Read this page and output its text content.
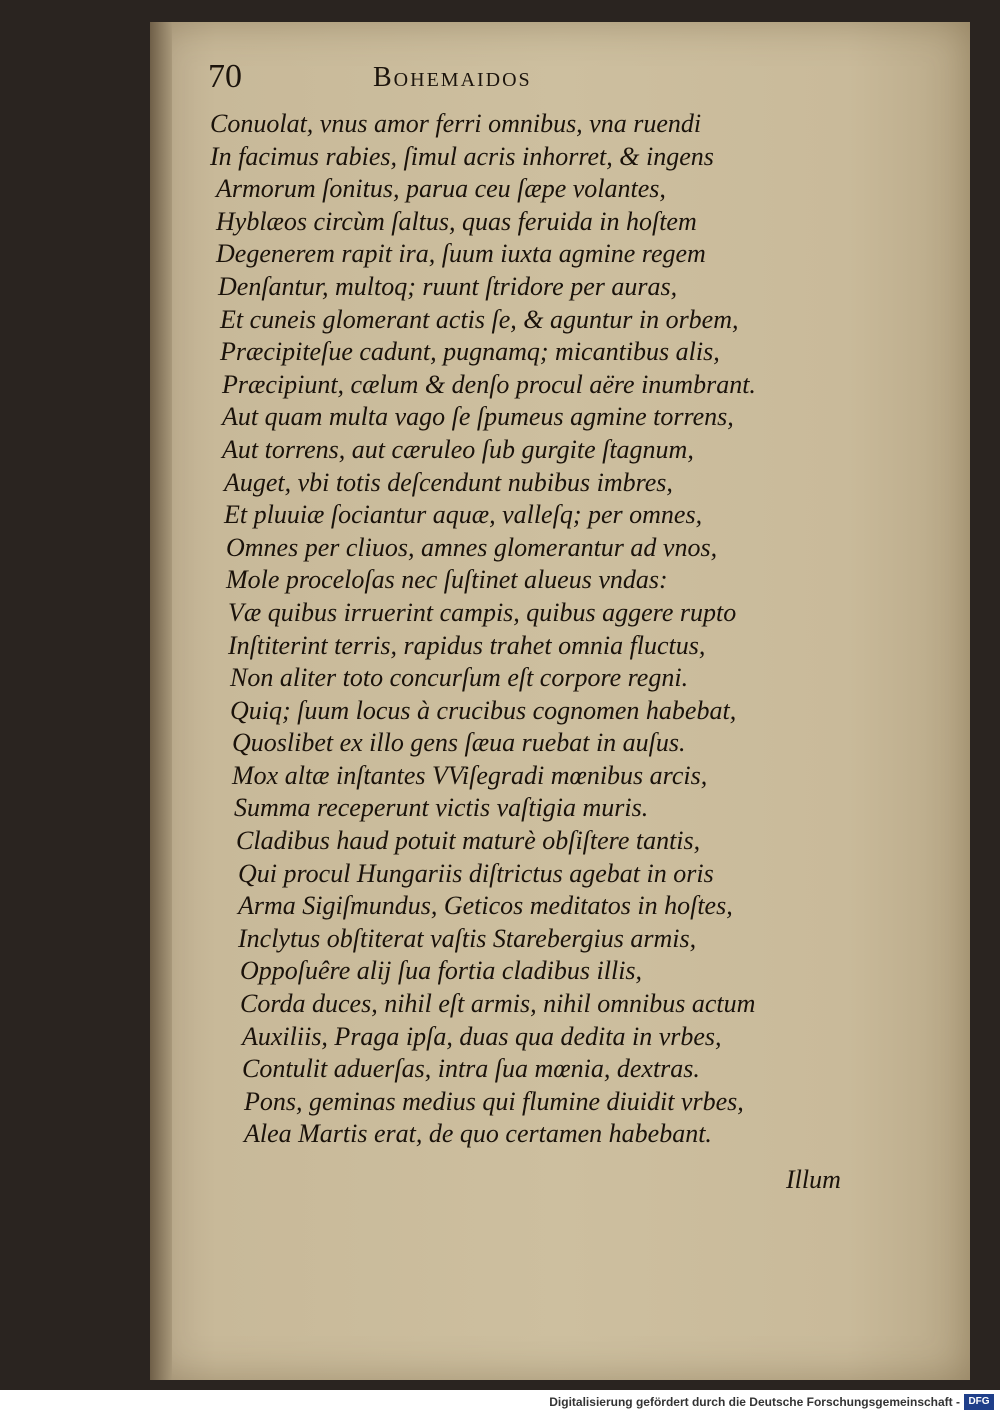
70	Bohemaidos
Conuolat, vnus amor ferri omnibus, vna ruendi
In facimus rabies, ſimul acris inhorret, & ingens
Armorum ſonitus, parua ceu ſæpe volantes,
Hyblæos circùm ſaltus, quas feruida in hoſtem
Degenerem rapit ira, ſuum iuxta agmine regem
Denſantur, multoq; ruunt ſtridore per auras,
Et cuneis glomerant actis ſe, & aguntur in orbem,
Præcipiteſue cadunt, pugnamq; micantibus alis,
Præcipiunt, cælum & denſo procul aëre inumbrant.
Aut quam multa vago ſe ſpumeus agmine torrens,
Aut torrens, aut cæruleo ſub gurgite ſtagnum,
Auget, vbi totis deſcendunt nubibus imbres,
Et pluuiæ ſociantur aquæ, valleſq; per omnes,
Omnes per cliuos, amnes glomerantur ad vnos,
Mole proceloſas nec ſuſtinet alueus vndas:
Væ quibus irruerint campis, quibus aggere rupto
Inſtiterint terris, rapidus trahet omnia fluctus,
Non aliter toto concurſum eſt corpore regni.
Quiq; ſuum locus à crucibus cognomen habebat,
Quoslibet ex illo gens ſæua ruebat in auſus.
Mox altæ inſtantes VViſegradi mœnibus arcis,
Summa receperunt victis vaſtigia muris.
Cladibus haud potuit maturè obſiſtere tantis,
Qui procul Hungariis diſtrictus agebat in oris
Arma Sigiſmundus, Geticos meditatos in hoſtes,
Inclytus obſtiterat vaſtis Starebergius armis,
Oppoſuêre alij ſua fortia cladibus illis,
Corda duces, nihil eſt armis, nihil omnibus actum
Auxiliis, Praga ipſa, duas qua dedita in vrbes,
Contulit aduerſas, intra ſua mœnia, dextras.
Pons, geminas medius qui flumine diuidit vrbes,
Alea Martis erat, de quo certamen habebant.
Illum
Digitalisierung gefördert durch die Deutsche Forschungsgemeinschaft - DFG
